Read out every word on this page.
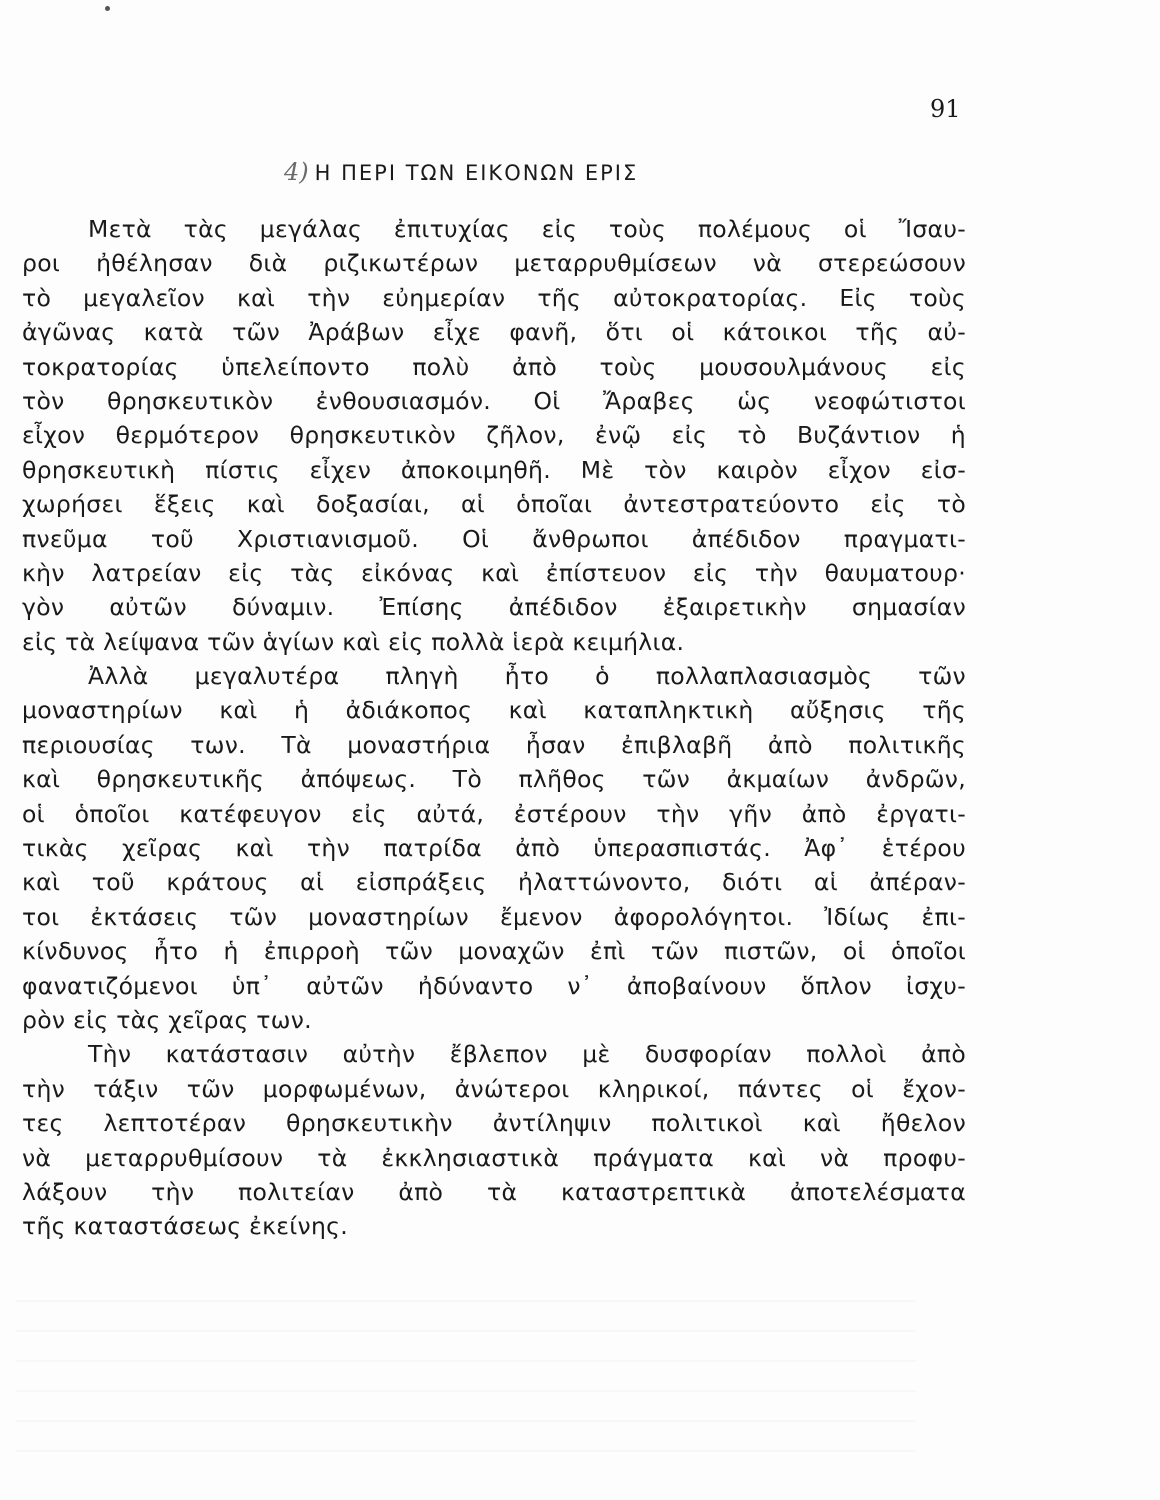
91
4) Η ΠΕΡΙ ΤΩΝ ΕΙΚΟΝΩΝ ΕΡΙΣ
Μετὰ τὰς μεγάλας ἐπιτυχίας εἰς τοὺς πολέμους οἱ Ἴσαυ-
ροι ἠθέλησαν διὰ ριζικωτέρων μεταρρυθμίσεων νὰ στερεώσουν
τὸ μεγαλεῖον καὶ τὴν εὐημερίαν τῆς αὐτοκρατορίας. Εἰς τοὺς
ἀγῶνας κατὰ τῶν Ἀράβων εἶχε φανῆ, ὅτι οἱ κάτοικοι τῆς αὐ-
τοκρατορίας ὑπελείποντο πολὺ ἀπὸ τοὺς μουσουλμάνους εἰς
τὸν θρησκευτικὸν ἐνθουσιασμόν. Οἱ Ἄραβες ὡς νεοφώτιστοι
εἶχον θερμότερον θρησκευτικὸν ζῆλον, ἐνῷ εἰς τὸ Βυζάντιον ἡ
θρησκευτικὴ πίστις εἶχεν ἀποκοιμηθῆ. Μὲ τὸν καιρὸν εἶχον εἰσ-
χωρήσει ἕξεις καὶ δοξασίαι, αἱ ὁποῖαι ἀντεστρατεύοντο εἰς τὸ
πνεῦμα τοῦ Χριστιανισμοῦ. Οἱ ἄνθρωποι ἀπέδιδον πραγματι-
κὴν λατρείαν εἰς τὰς εἰκόνας καὶ ἐπίστευον εἰς τὴν θαυματουρ·
γὸν αὐτῶν δύναμιν. Ἐπίσης ἀπέδιδον ἐξαιρετικὴν σημασίαν
εἰς τὰ λείψανα τῶν ἁγίων καὶ εἰς πολλὰ ἱερὰ κειμήλια.
Ἀλλὰ μεγαλυτέρα πληγὴ ἦτο ὁ πολλαπλασιασμὸς τῶν
μοναστηρίων καὶ ἡ ἀδιάκοπος καὶ καταπληκτικὴ αὔξησις τῆς
περιουσίας των. Τὰ μοναστήρια ἦσαν ἐπιβλαβῆ ἀπὸ πολιτικῆς
καὶ θρησκευτικῆς ἀπόψεως. Τὸ πλῆθος τῶν ἀκμαίων ἀνδρῶν,
οἱ ὁποῖοι κατέφευγον εἰς αὐτά, ἐστέρουν τὴν γῆν ἀπὸ ἐργατι-
τικὰς χεῖρας καὶ τὴν πατρίδα ἀπὸ ὑπερασπιστάς. Ἀφ᾽ ἑτέρου
καὶ τοῦ κράτους αἱ εἰσπράξεις ἠλαττώνοντο, διότι αἱ ἀπέραν-
τοι ἐκτάσεις τῶν μοναστηρίων ἔμενον ἀφορολόγητοι. Ἰδίως ἐπι-
κίνδυνος ἦτο ἡ ἐπιρροὴ τῶν μοναχῶν ἐπὶ τῶν πιστῶν, οἱ ὁποῖοι
φανατιζόμενοι ὑπ᾽ αὐτῶν ἠδύναντο ν᾽ ἀποβαίνουν ὅπλον ἰσχυ-
ρὸν εἰς τὰς χεῖρας των.
Τὴν κατάστασιν αὐτὴν ἔβλεπον μὲ δυσφορίαν πολλοὶ ἀπὸ
τὴν τάξιν τῶν μορφωμένων, ἀνώτεροι κληρικοί, πάντες οἱ ἔχον-
τες λεπτοτέραν θρησκευτικὴν ἀντίληψιν πολιτικοὶ καὶ ἤθελον
νὰ μεταρρυθμίσουν τὰ ἐκκλησιαστικὰ πράγματα καὶ νὰ προφυ-
λάξουν τὴν πολιτείαν ἀπὸ τὰ καταστρεπτικὰ ἀποτελέσματα
τῆς καταστάσεως ἐκείνης.
